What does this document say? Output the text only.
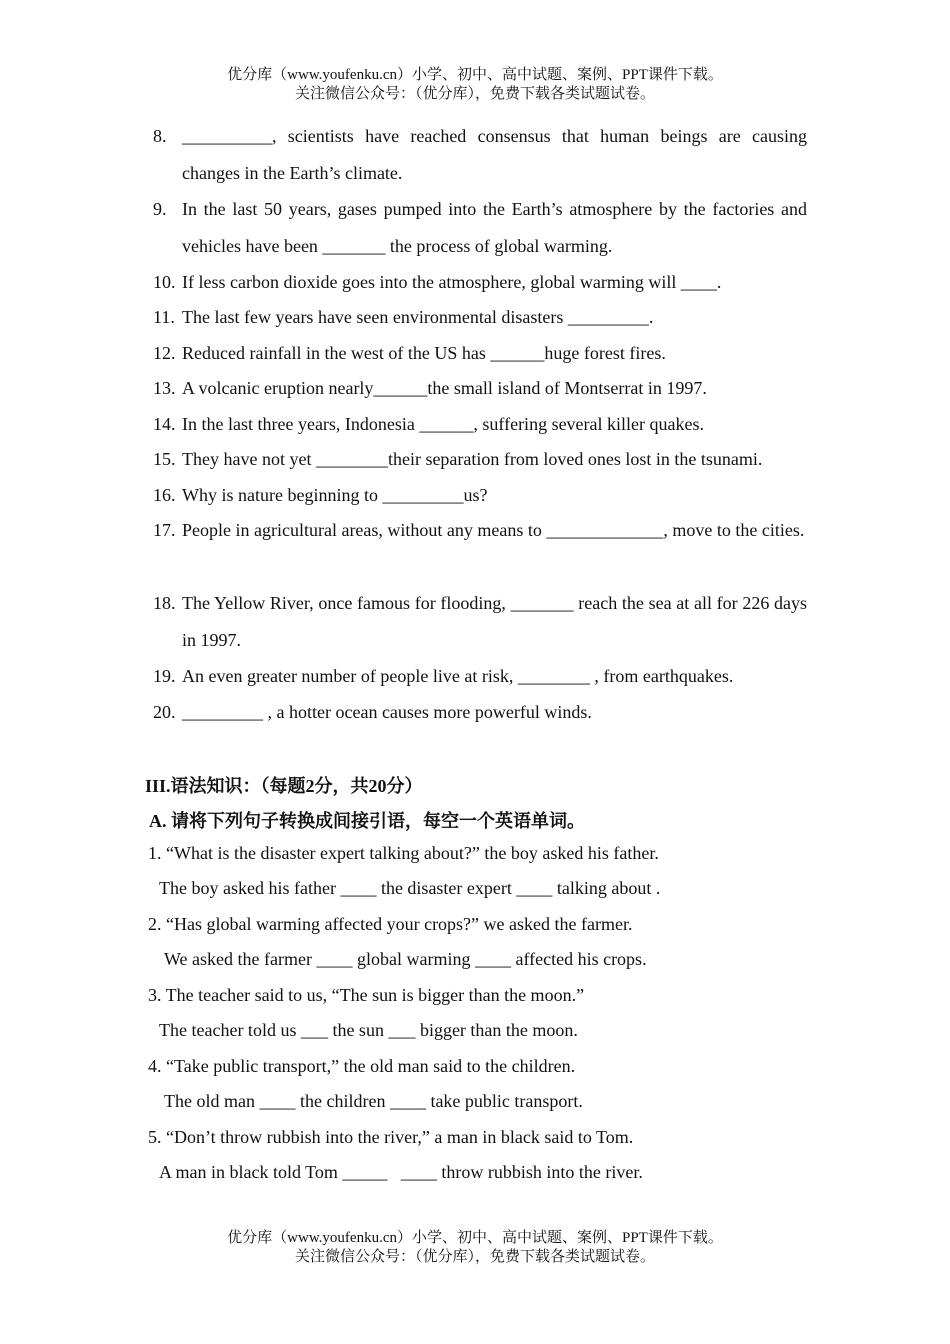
优分库（www.youfenku.cn）小学、初中、高中试题、案例、PPT课件下载。
关注微信公众号：（优分库），免费下载各类试题试卷。
8. __________, scientists have reached consensus that human beings are causing changes in the Earth’s climate.
9. In the last 50 years, gases pumped into the Earth’s atmosphere by the factories and vehicles have been _______ the process of global warming.
10. If less carbon dioxide goes into the atmosphere, global warming will ____.
11. The last few years have seen environmental disasters _________.
12. Reduced rainfall in the west of the US has ______huge forest fires.
13. A volcanic eruption nearly______the small island of Montserrat in 1997.
14. In the last three years, Indonesia ______, suffering several killer quakes.
15. They have not yet ________their separation from loved ones lost in the tsunami.
16. Why is nature beginning to _________us?
17. People in agricultural areas, without any means to _____________, move to the cities.
18. The Yellow River, once famous for flooding, _______ reach the sea at all for 226 days in 1997.
19. An even greater number of people live at risk, ________ , from earthquakes.
20. _________ , a hotter ocean causes more powerful winds.
III.语法知识：（每题2分，共20分）
A. 请将下列句子转换成间接引语，每空一个英语单词。
1. “What is the disaster expert talking about?” the boy asked his father.
The boy asked his father ____ the disaster expert ____ talking about .
2. “Has global warming affected your crops?” we asked the farmer.
We asked the farmer ____ global warming ____ affected his crops.
3. The teacher said to us, “The sun is bigger than the moon.”
The teacher told us ___ the sun ___ bigger than the moon.
4. “Take public transport,” the old man said to the children.
The old man ____ the children ____ take public transport.
5. “Don’t throw rubbish into the river,” a man in black said to Tom.
A man in black told Tom _____   ____ throw rubbish into the river.
优分库（www.youfenku.cn）小学、初中、高中试题、案例、PPT课件下载。
关注微信公众号：（优分库），免费下载各类试题试卷。
